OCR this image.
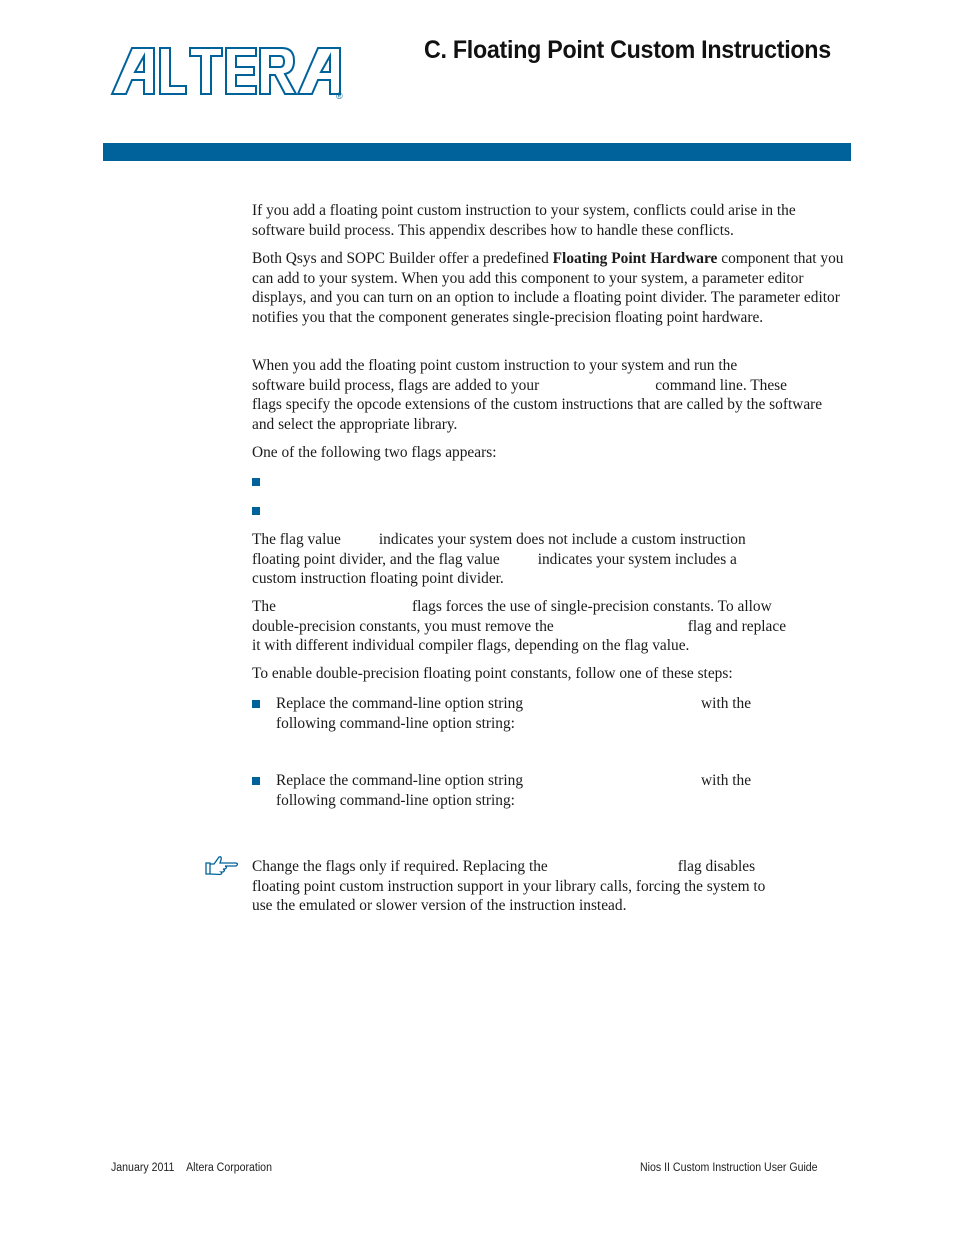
®
C. Floating Point Custom Instructions

If you add a floating point custom instruction to your system, conflicts could arise in the software build process. This appendix describes how to handle these conflicts.

Both Qsys and SOPC Builder offer a predefined Floating Point Hardware component that you can add to your system. When you add this component to your system, a parameter editor displays, and you can turn on an option to include a floating point divider. The parameter editor notifies you that the component generates single-precision floating point hardware.

When you add the floating point custom instruction to your system and run the
software build process, flags are added to your	command line. These
flags specify the opcode extensions of the custom instructions that are called by the software and select the appropriate library.

One of the following two flags appears:

The flag value indicates your system does not include a custom instruction
floating point divider, and the flag value indicates your system includes a
custom instruction floating point divider.

The	flags forces the use of single-precision constants. To allow
double-precision constants, you must remove the	flag and replace
it with different individual compiler flags, depending on the flag value.

To enable double-precision floating point constants, follow one of these steps:

Replace the command-line option string	with the
following command-line option string:
Replace the command-line option string	with the
following command-line option string:

Change the flags only if required. Replacing the	flag disables
floating point custom instruction support in your library calls, forcing the system to
use the emulated or slower version of the instruction instead.

January 2011 Altera Corporation	Nios II Custom Instruction User Guide
